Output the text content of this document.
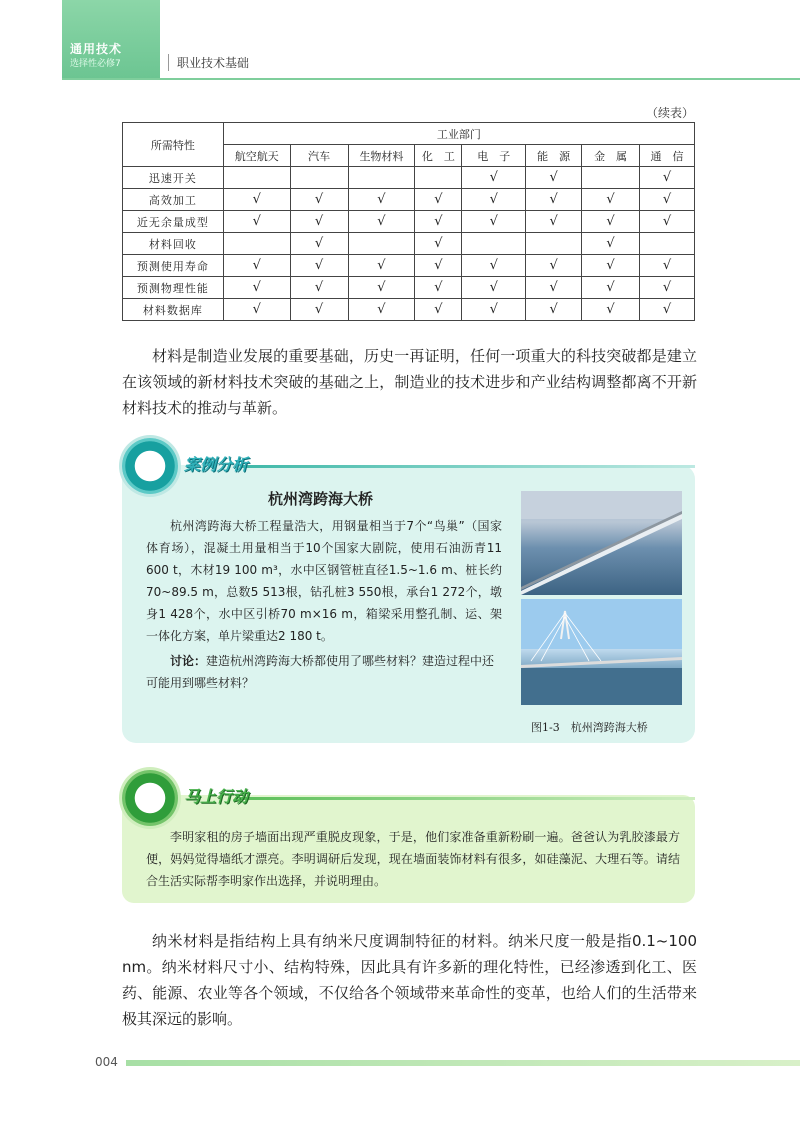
通用技术
选择性必修7	职业技术基础
（续表）
所需特性	工业部门							
	航空航天	汽车	生物材料	化　工	电　子	能　源	金　属	通　信
迅速开关					√	√		√
高效加工	√	√	√	√	√	√	√	√
近无余量成型	√	√	√	√	√	√	√	√
材料回收		√		√			√	
预测使用寿命	√	√	√	√	√	√	√	√
预测物理性能	√	√	√	√	√	√	√	√
材料数据库	√	√	√	√	√	√	√	√
材料是制造业发展的重要基础，历史一再证明，任何一项重大的科技突破都是建立在该领域的新材料技术突破的基础之上，制造业的技术进步和产业结构调整都离不开新材料技术的推动与革新。
案例分析
杭州湾跨海大桥
杭州湾跨海大桥工程量浩大，用钢量相当于7个“鸟巢”（国家体育场），混凝土用量相当于10个国家大剧院，使用石油沥青11 600 t，木材19 100 m³，水中区钢管桩直径1.5~1.6 m、桩长约70~89.5 m，总数5 513根，钻孔桩3 550根，承台1 272个，墩身1 428个，水中区引桥70 m×16 m，箱梁采用整孔制、运、架一体化方案，单片梁重达2 180 t。
讨论：建造杭州湾跨海大桥都使用了哪些材料？建造过程中还可能用到哪些材料？
图1-3　杭州湾跨海大桥
马上行动
李明家租的房子墙面出现严重脱皮现象，于是，他们家准备重新粉刷一遍。爸爸认为乳胶漆最方便，妈妈觉得墙纸才漂亮。李明调研后发现，现在墙面装饰材料有很多，如硅藻泥、大理石等。请结合生活实际帮李明家作出选择，并说明理由。
纳米材料是指结构上具有纳米尺度调制特征的材料。纳米尺度一般是指0.1~100 nm。纳米材料尺寸小、结构特殊，因此具有许多新的理化特性，已经渗透到化工、医药、能源、农业等各个领域，不仅给各个领域带来革命性的变革，也给人们的生活带来极其深远的影响。
004
